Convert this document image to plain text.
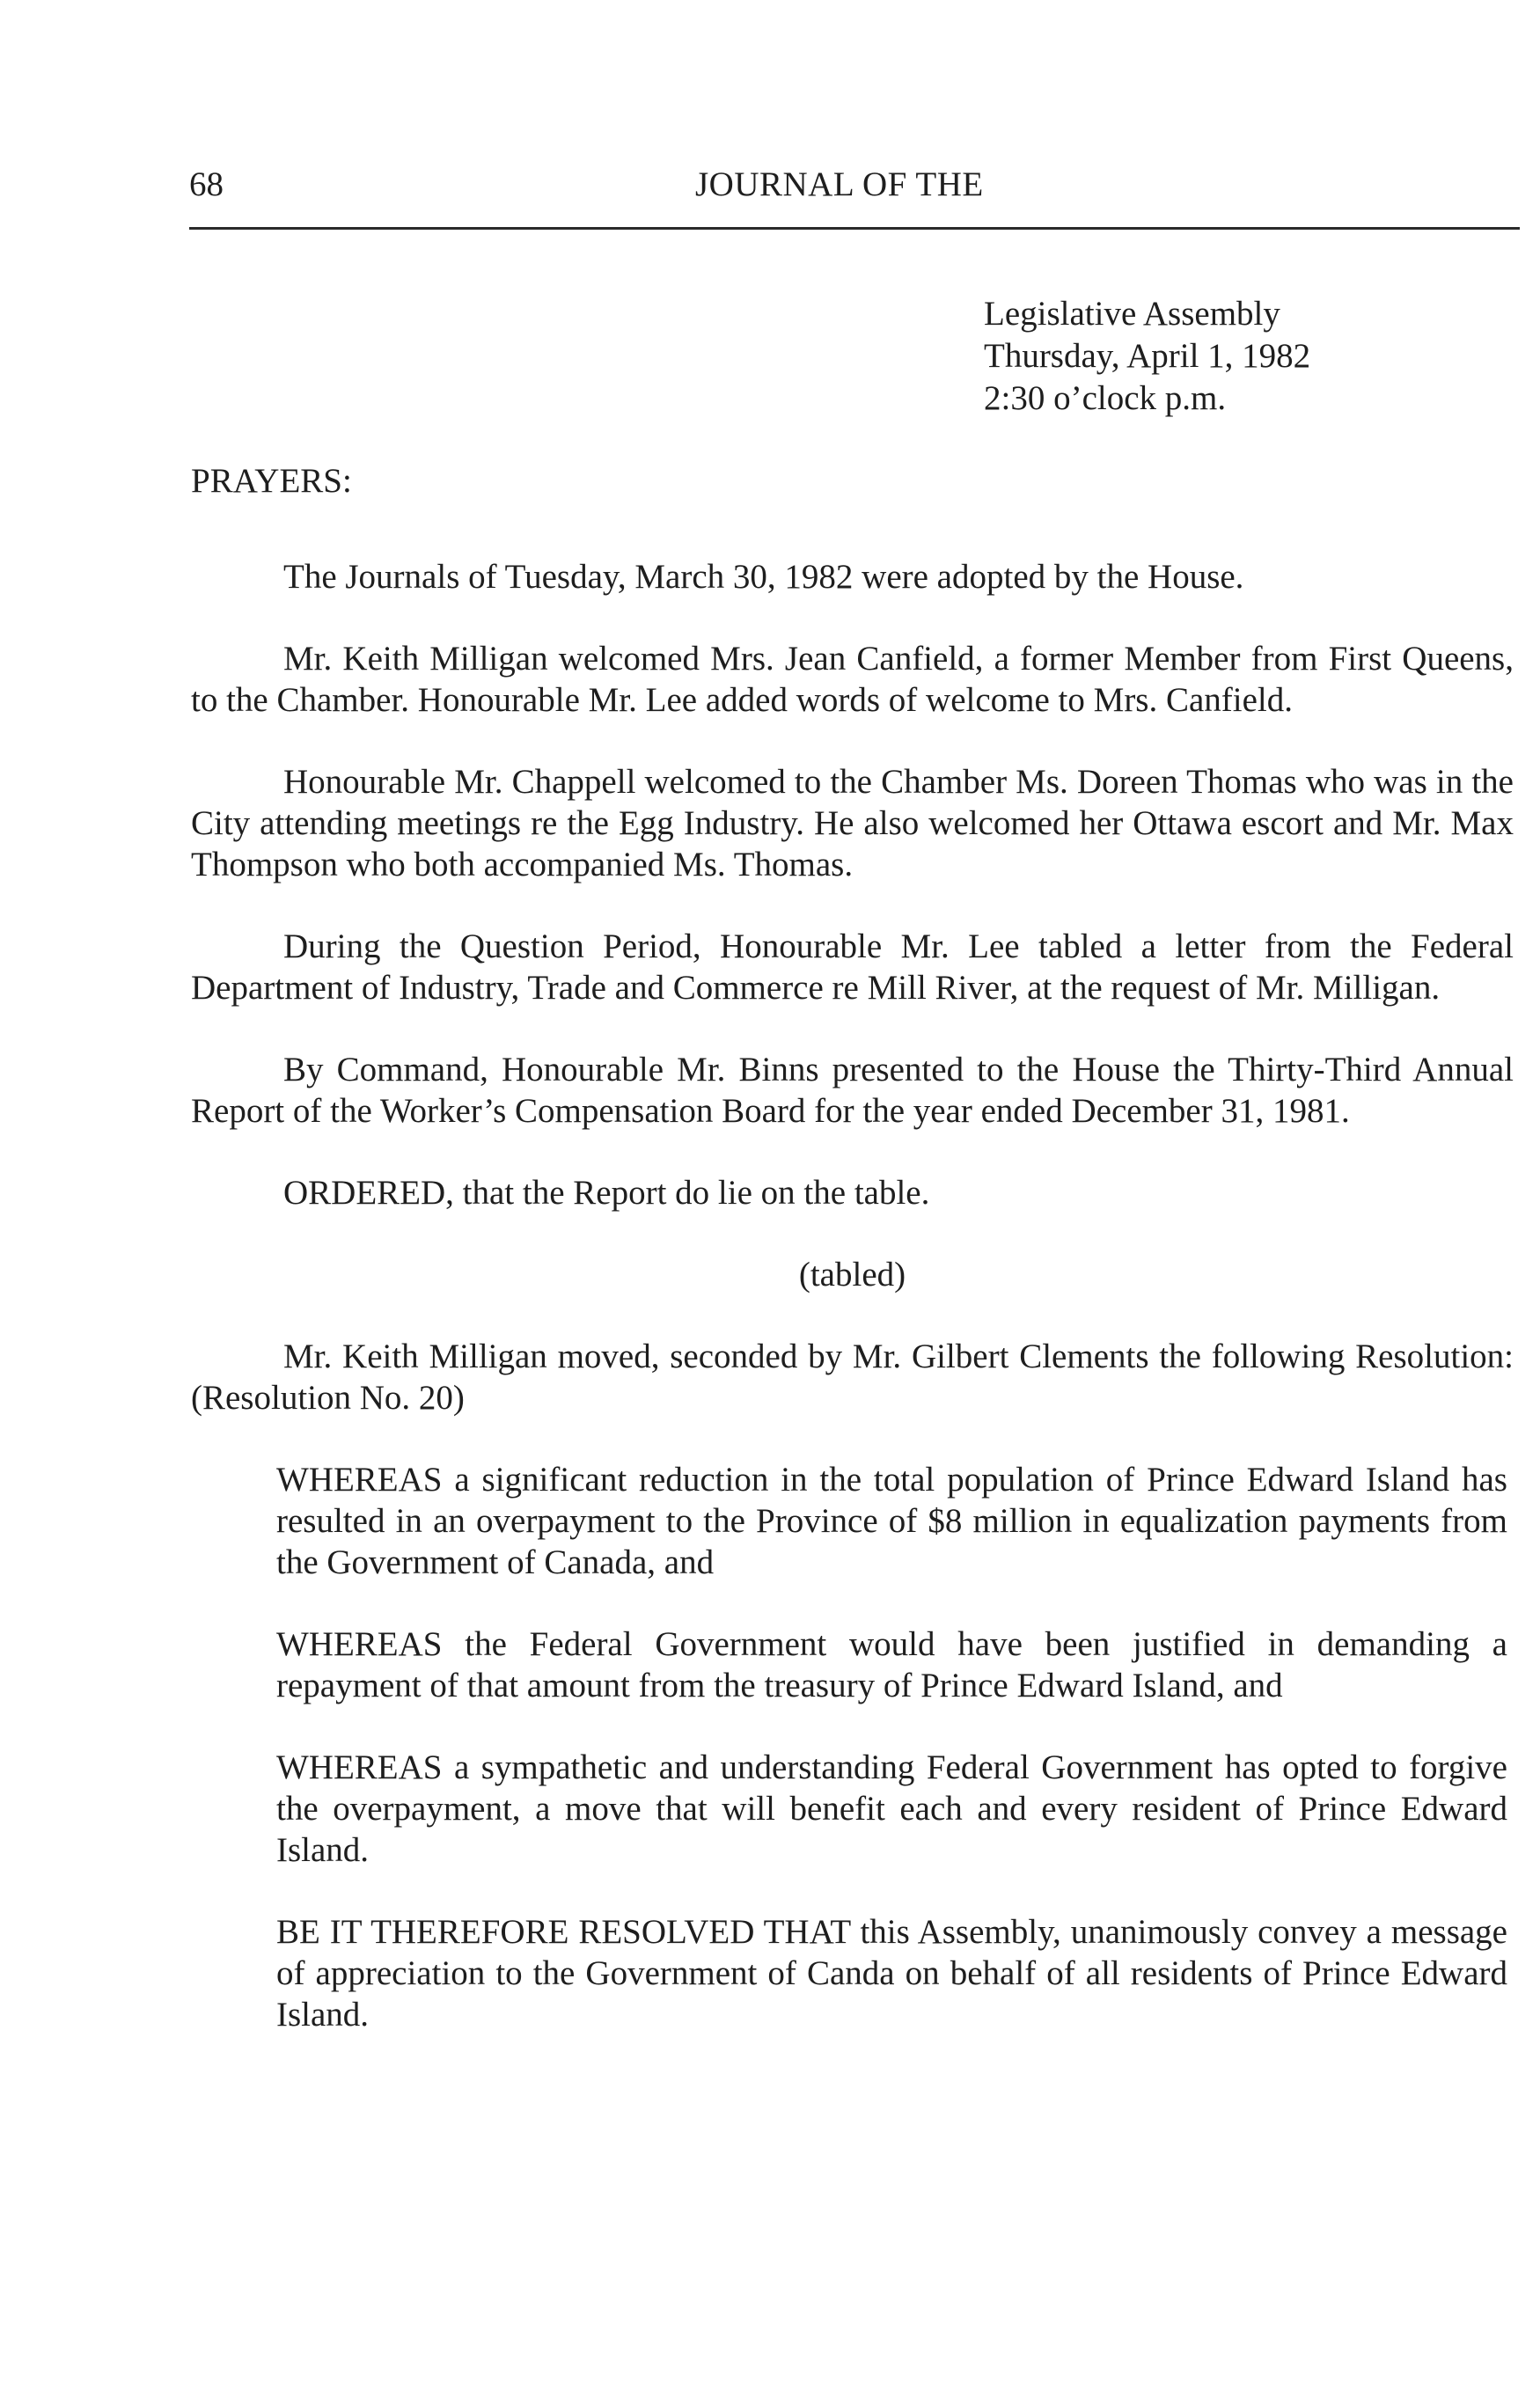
68	JOURNAL OF THE
Legislative Assembly
Thursday, April 1, 1982
2:30 o’clock p.m.

PRAYERS:

The Journals of Tuesday, March 30, 1982 were adopted by the House.

Mr. Keith Milligan welcomed Mrs. Jean Canfield, a former Member from First Queens, to the Chamber. Honourable Mr. Lee added words of welcome to Mrs. Canfield.

Honourable Mr. Chappell welcomed to the Chamber Ms. Doreen Thomas who was in the City attending meetings re the Egg Industry. He also welcomed her Ottawa escort and Mr. Max Thompson who both accompanied Ms. Thomas.

During the Question Period, Honourable Mr. Lee tabled a letter from the Federal Department of Industry, Trade and Commerce re Mill River, at the request of Mr. Milligan.

By Command, Honourable Mr. Binns presented to the House the Thirty-Third Annual Report of the Worker’s Compensation Board for the year ended December 31, 1981.

ORDERED, that the Report do lie on the table.

(tabled)

Mr. Keith Milligan moved, seconded by Mr. Gilbert Clements the following Resolution: (Resolution No. 20)

WHEREAS a significant reduction in the total population of Prince Edward Island has resulted in an overpayment to the Province of $8 million in equalization payments from the Government of Canada, and

WHEREAS the Federal Government would have been justified in demanding a repayment of that amount from the treasury of Prince Edward Island, and

WHEREAS a sympathetic and understanding Federal Government has opted to forgive the overpayment, a move that will benefit each and every resident of Prince Edward Island.

BE IT THEREFORE RESOLVED THAT this Assembly, unanimously convey a message of appreciation to the Government of Canda on behalf of all residents of Prince Edward Island.
